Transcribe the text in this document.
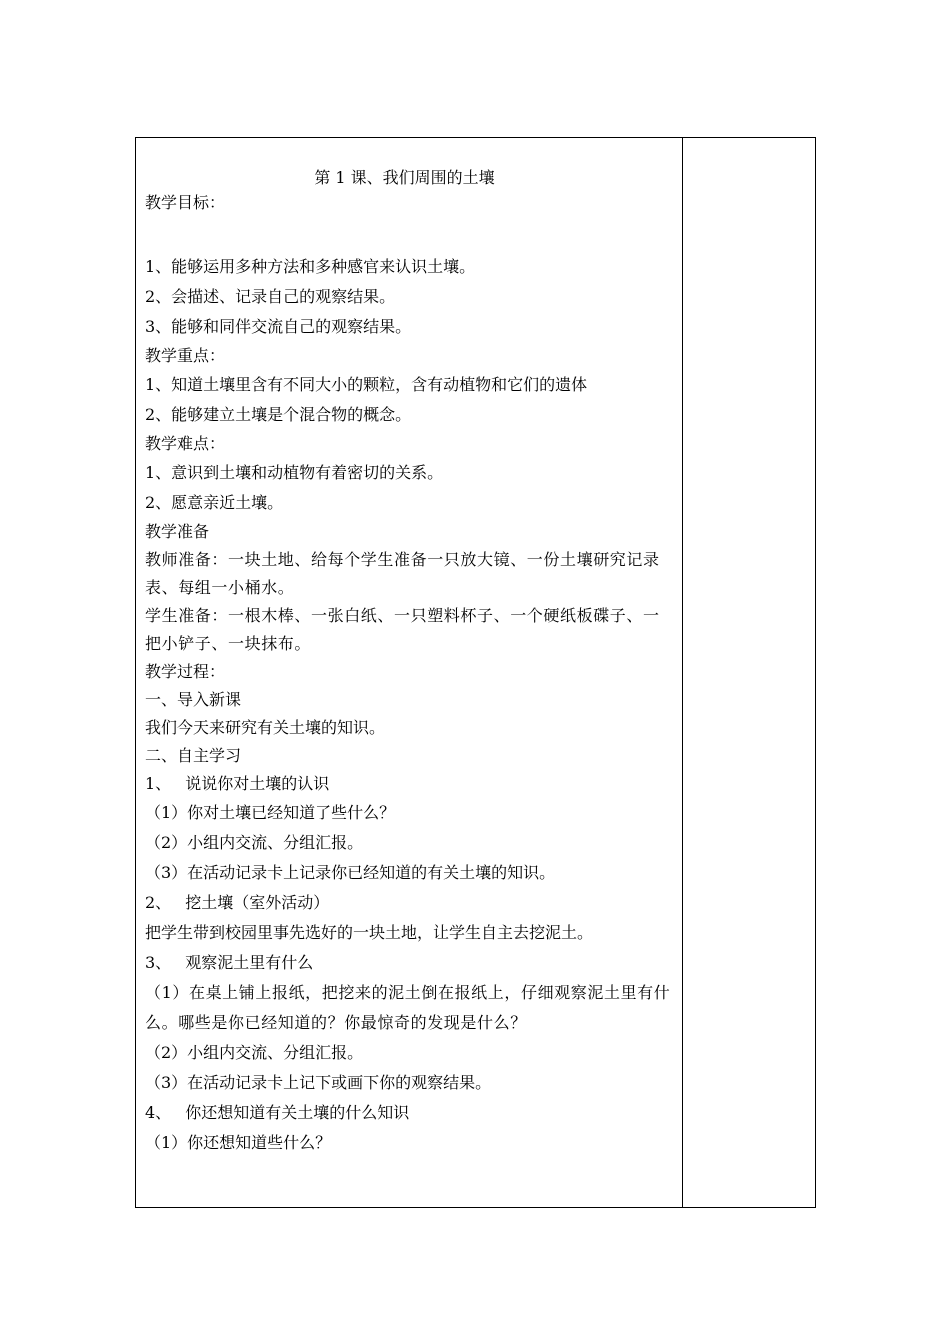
第 1 课、我们周围的土壤

教学目标：

1、能够运用多种方法和多种感官来认识土壤。

2、会描述、记录自己的观察结果。

3、能够和同伴交流自己的观察结果。

教学重点：

1、知道土壤里含有不同大小的颗粒，含有动植物和它们的遗体

2、能够建立土壤是个混合物的概念。

教学难点：

1、意识到土壤和动植物有着密切的关系。

2、愿意亲近土壤。

教学准备

教师准备：一块土地、给每个学生准备一只放大镜、一份土壤研究记录表、每组一小桶水。

学生准备：一根木棒、一张白纸、一只塑料杯子、一个硬纸板碟子、一把小铲子、一块抹布。

教学过程：

一、导入新课

我们今天来研究有关土壤的知识。

二、自主学习

1、 说说你对土壤的认识

（1）你对土壤已经知道了些什么？

（2）小组内交流、分组汇报。

（3）在活动记录卡上记录你已经知道的有关土壤的知识。

2、 挖土壤（室外活动）

把学生带到校园里事先选好的一块土地，让学生自主去挖泥土。

3、 观察泥土里有什么

（1）在桌上铺上报纸，把挖来的泥土倒在报纸上，仔细观察泥土里有什么。哪些是你已经知道的？你最惊奇的发现是什么？

（2）小组内交流、分组汇报。

（3）在活动记录卡上记下或画下你的观察结果。

4、 你还想知道有关土壤的什么知识

（1）你还想知道些什么？
